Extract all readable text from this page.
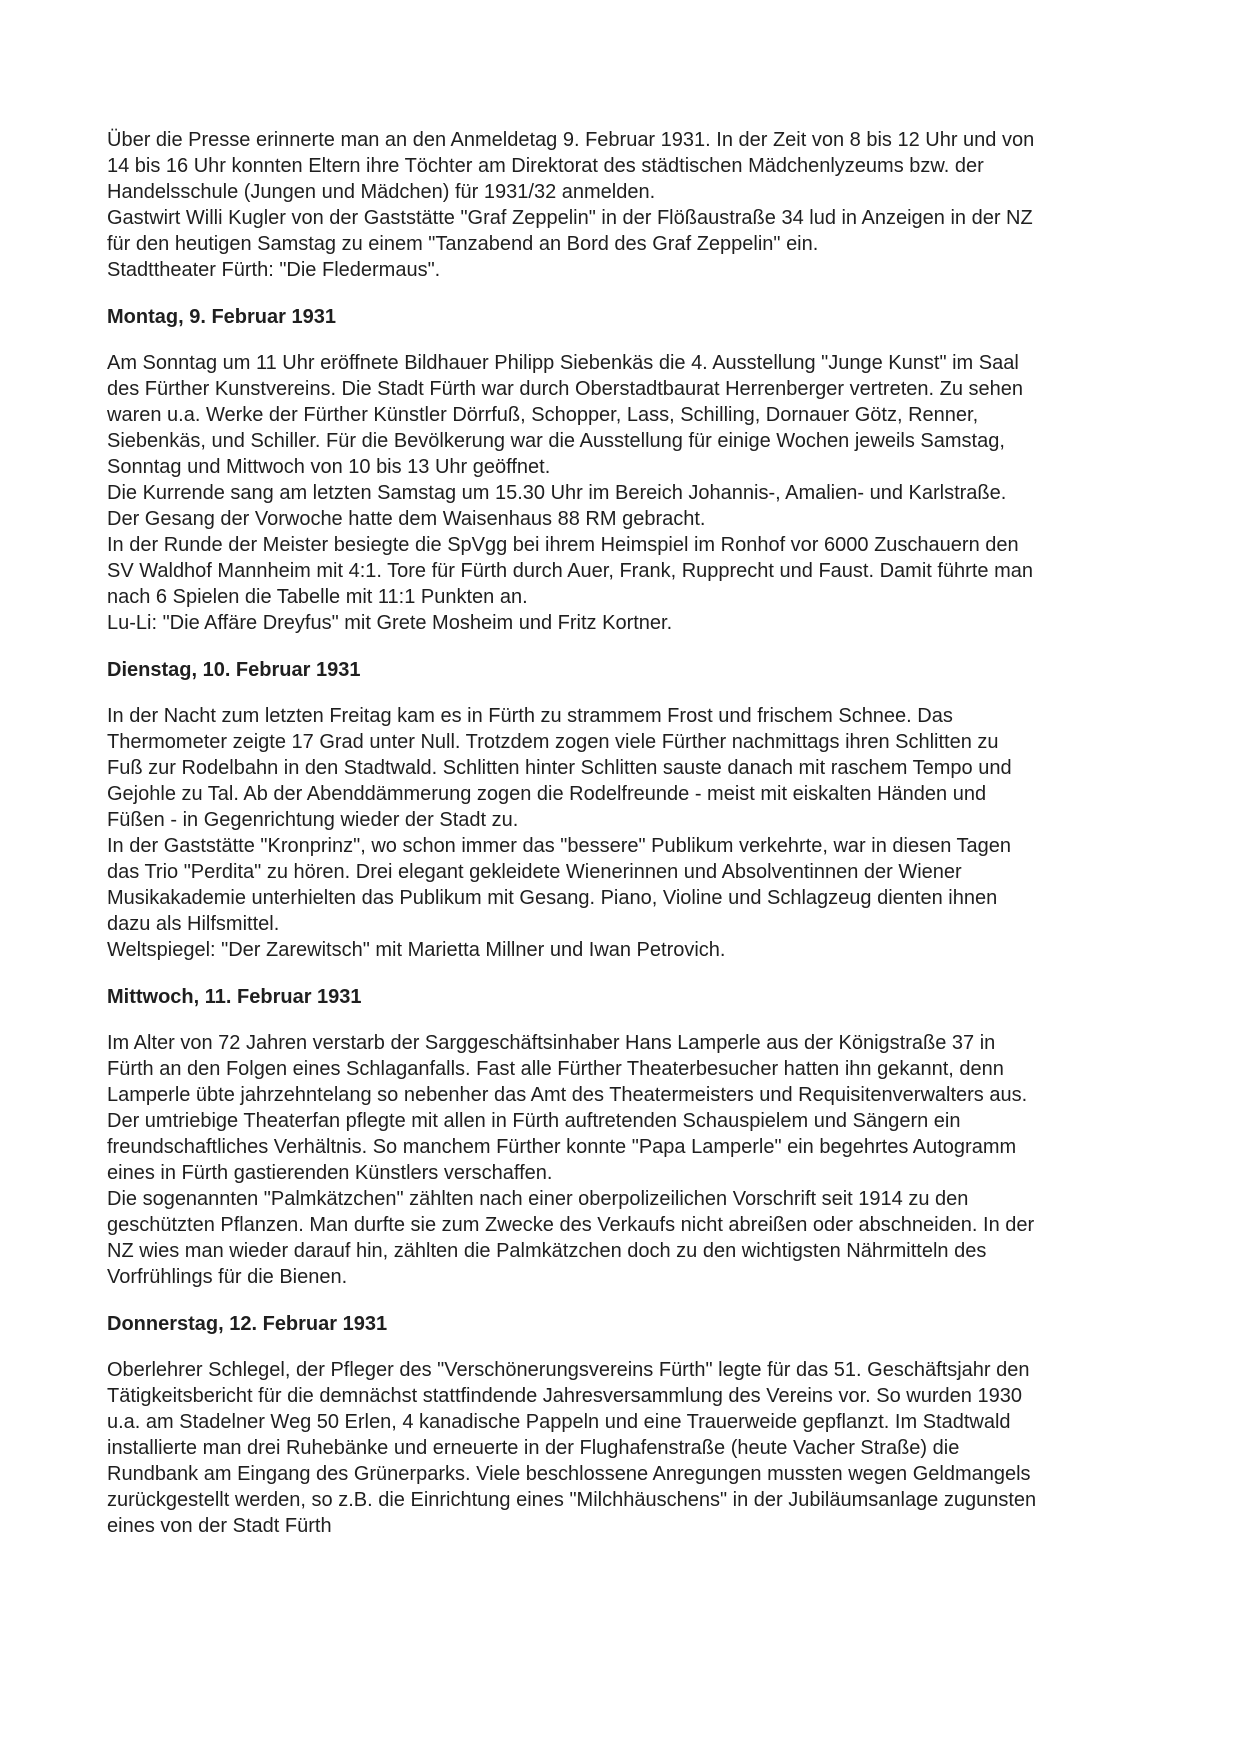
Über die Presse erinnerte man an den Anmeldetag 9. Februar 1931. In der Zeit von 8 bis 12 Uhr und von 14 bis 16 Uhr konnten Eltern ihre Töchter am Direktorat des städtischen Mädchenlyzeums bzw. der Handelsschule (Jungen und Mädchen) für 1931/32 anmelden.

Gastwirt Willi Kugler von der Gaststätte "Graf Zeppelin" in der Flößaustraße 34 lud in Anzeigen in der NZ für den heutigen Samstag zu einem "Tanzabend an Bord des Graf Zeppelin" ein.

Stadttheater Fürth: "Die Fledermaus".

Montag, 9. Februar 1931

Am Sonntag um 11 Uhr eröffnete Bildhauer Philipp Siebenkäs die 4. Ausstellung "Junge Kunst" im Saal des Fürther Kunstvereins. Die Stadt Fürth war durch Oberstadtbaurat Herrenberger vertreten. Zu sehen waren u.a. Werke der Fürther Künstler Dörrfuß, Schopper, Lass, Schilling, Dornauer Götz, Renner, Siebenkäs, und Schiller. Für die Bevölkerung war die Ausstellung für einige Wochen jeweils Samstag, Sonntag und Mittwoch von 10 bis 13 Uhr geöffnet.

Die Kurrende sang am letzten Samstag um 15.30 Uhr im Bereich Johannis-, Amalien- und Karlstraße. Der Gesang der Vorwoche hatte dem Waisenhaus 88 RM gebracht.

In der Runde der Meister besiegte die SpVgg bei ihrem Heimspiel im Ronhof vor 6000 Zuschauern den SV Waldhof Mannheim mit 4:1. Tore für Fürth durch Auer, Frank, Rupprecht und Faust. Damit führte man nach 6 Spielen die Tabelle mit 11:1 Punkten an.

Lu-Li: "Die Affäre Dreyfus" mit Grete Mosheim und Fritz Kortner.

Dienstag, 10. Februar 1931

In der Nacht zum letzten Freitag kam es in Fürth zu strammem Frost und frischem Schnee. Das Thermometer zeigte 17 Grad unter Null. Trotzdem zogen viele Fürther nachmittags ihren Schlitten zu Fuß zur Rodelbahn in den Stadtwald. Schlitten hinter Schlitten sauste danach mit raschem Tempo und Gejohle zu Tal. Ab der Abenddämmerung zogen die Rodelfreunde - meist mit eiskalten Händen und Füßen - in Gegenrichtung wieder der Stadt zu.

In der Gaststätte "Kronprinz", wo schon immer das "bessere" Publikum verkehrte, war in diesen Tagen das Trio "Perdita" zu hören. Drei elegant gekleidete Wienerinnen und Absolventinnen der Wiener Musikakademie unterhielten das Publikum mit Gesang. Piano, Violine und Schlagzeug dienten ihnen dazu als Hilfsmittel.

Weltspiegel: "Der Zarewitsch" mit Marietta Millner und Iwan Petrovich.

Mittwoch, 11. Februar 1931

Im Alter von 72 Jahren verstarb der Sarggeschäftsinhaber Hans Lamperle aus der Königstraße 37 in Fürth an den Folgen eines Schlaganfalls. Fast alle Fürther Theaterbesucher hatten ihn gekannt, denn Lamperle übte jahrzehntelang so nebenher das Amt des Theatermeisters und Requisitenverwalters aus. Der umtriebige Theaterfan pflegte mit allen in Fürth auftretenden Schauspielem und Sängern ein freundschaftliches Verhältnis. So manchem Fürther konnte "Papa Lamperle" ein begehrtes Autogramm eines in Fürth gastierenden Künstlers verschaffen.

Die sogenannten "Palmkätzchen" zählten nach einer oberpolizeilichen Vorschrift seit 1914 zu den geschützten Pflanzen. Man durfte sie zum Zwecke des Verkaufs nicht abreißen oder abschneiden. In der NZ wies man wieder darauf hin, zählten die Palmkätzchen doch zu den wichtigsten Nährmitteln des Vorfrühlings für die Bienen.

Donnerstag, 12. Februar 1931

Oberlehrer Schlegel, der Pfleger des "Verschönerungsvereins Fürth" legte für das 51. Geschäftsjahr den Tätigkeitsbericht für die demnächst stattfindende Jahresversammlung des Vereins vor. So wurden 1930 u.a. am Stadelner Weg 50 Erlen, 4 kanadische Pappeln und eine Trauerweide gepflanzt. Im Stadtwald installierte man drei Ruhebänke und erneuerte in der Flughafenstraße (heute Vacher Straße) die Rundbank am Eingang des Grünerparks. Viele beschlossene Anregungen mussten wegen Geldmangels zurückgestellt werden, so z.B. die Einrichtung eines "Milchhäuschens" in der Jubiläumsanlage zugunsten eines von der Stadt Fürth
